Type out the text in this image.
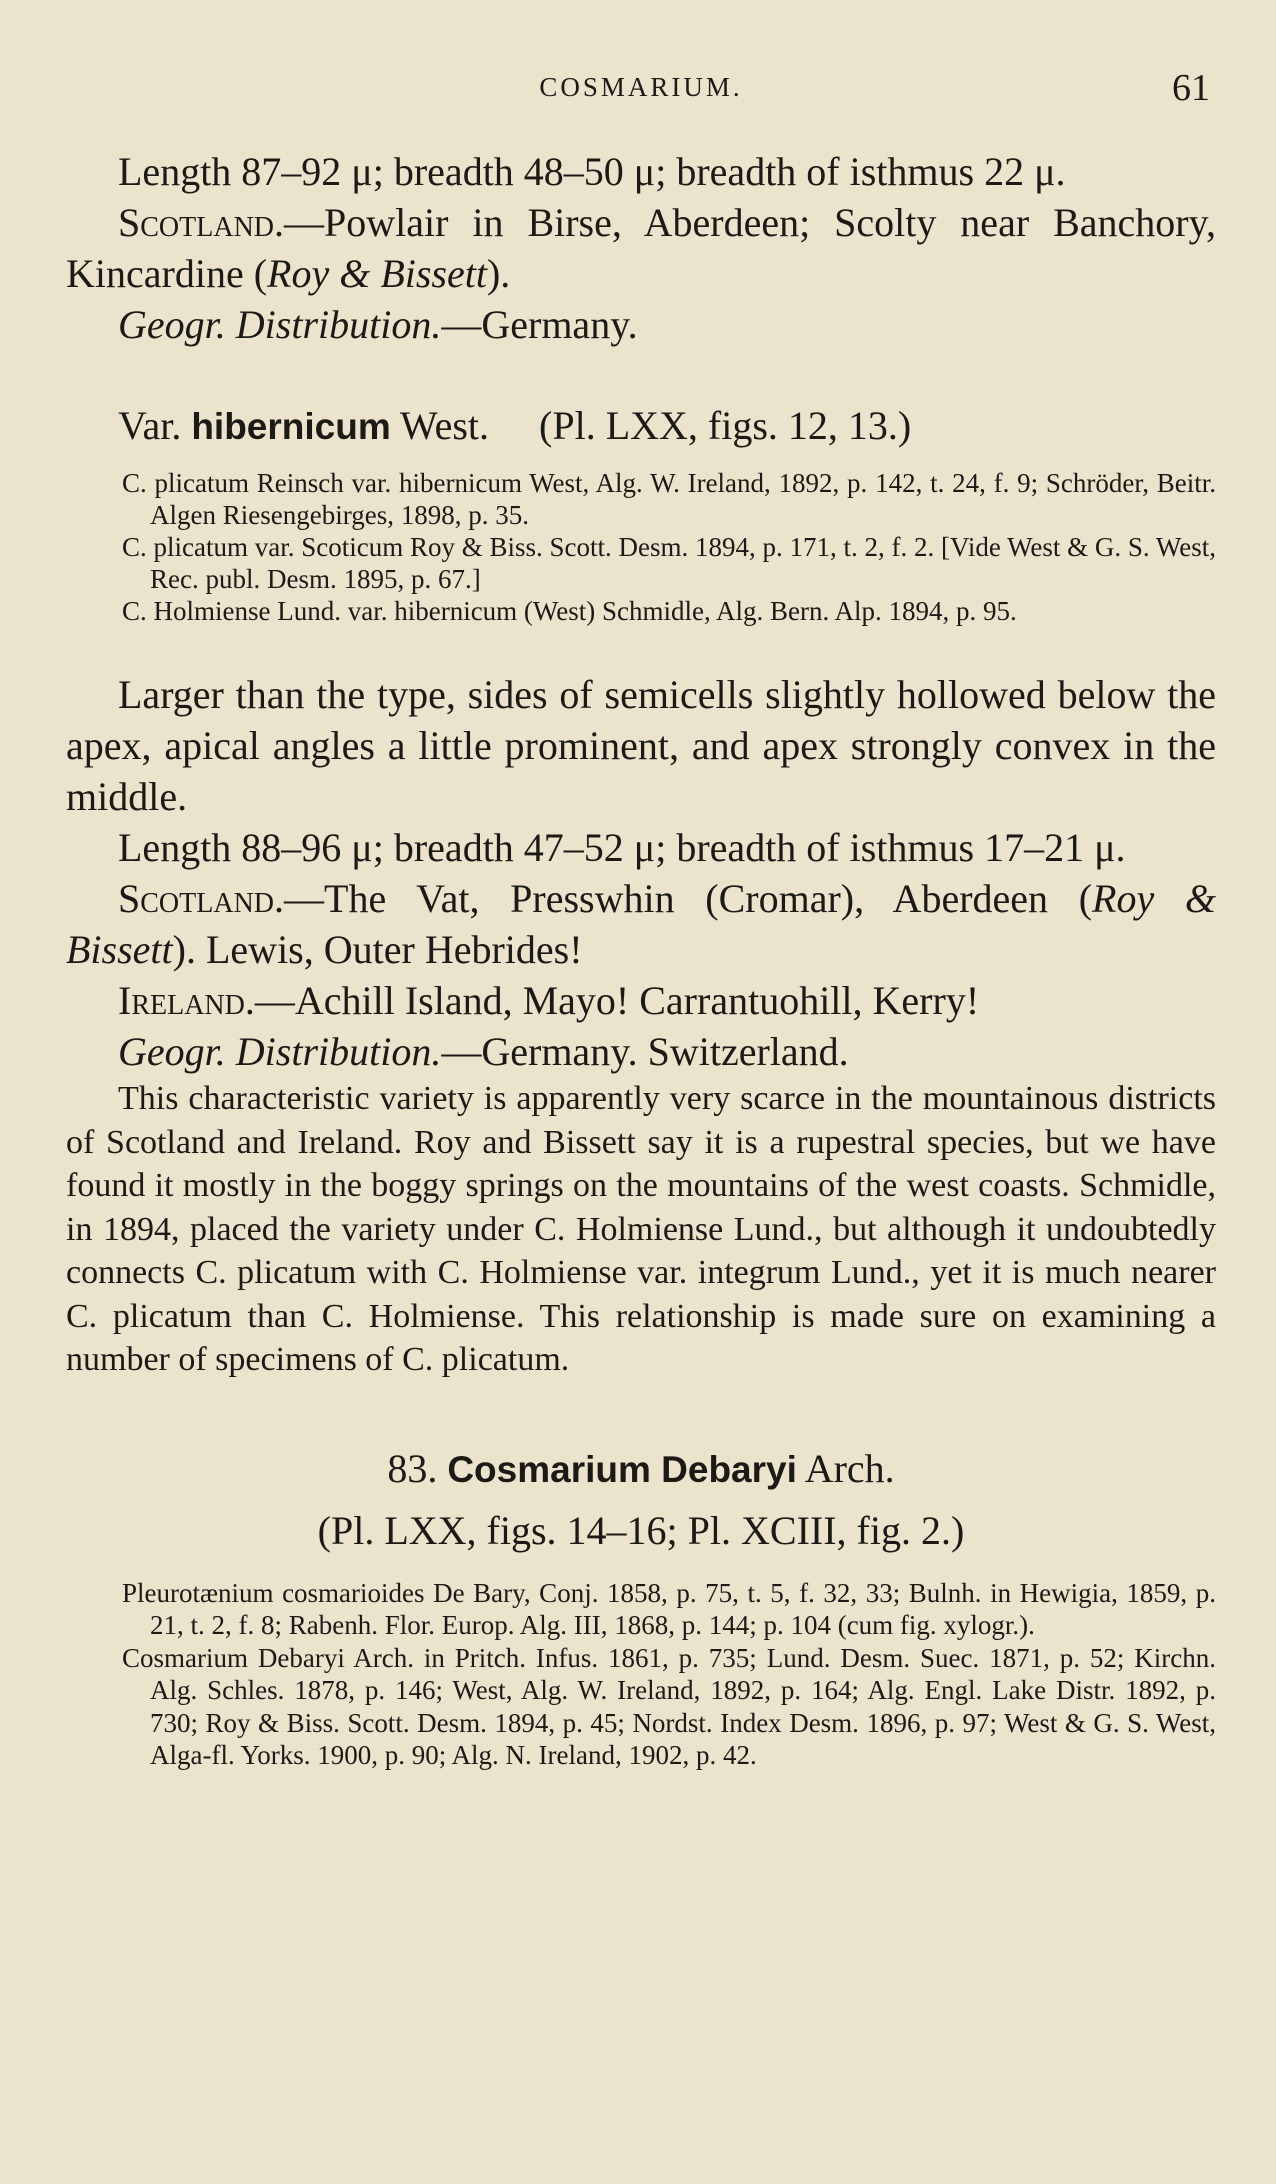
COSMARIUM.	61

Length 87–92 μ; breadth 48–50 μ; breadth of isthmus 22 μ.

Scotland.—Powlair in Birse, Aberdeen; Scolty near Banchory, Kincardine (Roy & Bissett).

Geogr. Distribution.—Germany.

Var. hibernicum West. (Pl. LXX, figs. 12, 13.)

C. plicatum Reinsch var. hibernicum West, Alg. W. Ireland, 1892, p. 142, t. 24, f. 9; Schröder, Beitr. Algen Riesengebirges, 1898, p. 35.

C. plicatum var. Scoticum Roy & Biss. Scott. Desm. 1894, p. 171, t. 2, f. 2. [Vide West & G. S. West, Rec. publ. Desm. 1895, p. 67.]

C. Holmiense Lund. var. hibernicum (West) Schmidle, Alg. Bern. Alp. 1894, p. 95.

Larger than the type, sides of semicells slightly hollowed below the apex, apical angles a little prominent, and apex strongly convex in the middle.

Length 88–96 μ; breadth 47–52 μ; breadth of isthmus 17–21 μ.

Scotland.—The Vat, Presswhin (Cromar), Aberdeen (Roy & Bissett). Lewis, Outer Hebrides!

Ireland.—Achill Island, Mayo! Carrantuohill, Kerry!

Geogr. Distribution.—Germany. Switzerland.

This characteristic variety is apparently very scarce in the mountainous districts of Scotland and Ireland. Roy and Bissett say it is a rupestral species, but we have found it mostly in the boggy springs on the mountains of the west coasts. Schmidle, in 1894, placed the variety under C. Holmiense Lund., but although it undoubtedly connects C. plicatum with C. Holmiense var. integrum Lund., yet it is much nearer C. plicatum than C. Holmiense. This relationship is made sure on examining a number of specimens of C. plicatum.

83. Cosmarium Debaryi Arch.

(Pl. LXX, figs. 14–16; Pl. XCIII, fig. 2.)

Pleurotænium cosmarioides De Bary, Conj. 1858, p. 75, t. 5, f. 32, 33; Bulnh. in Hewigia, 1859, p. 21, t. 2, f. 8; Rabenh. Flor. Europ. Alg. III, 1868, p. 144; p. 104 (cum fig. xylogr.).

Cosmarium Debaryi Arch. in Pritch. Infus. 1861, p. 735; Lund. Desm. Suec. 1871, p. 52; Kirchn. Alg. Schles. 1878, p. 146; West, Alg. W. Ireland, 1892, p. 164; Alg. Engl. Lake Distr. 1892, p. 730; Roy & Biss. Scott. Desm. 1894, p. 45; Nordst. Index Desm. 1896, p. 97; West & G. S. West, Alga-fl. Yorks. 1900, p. 90; Alg. N. Ireland, 1902, p. 42.
